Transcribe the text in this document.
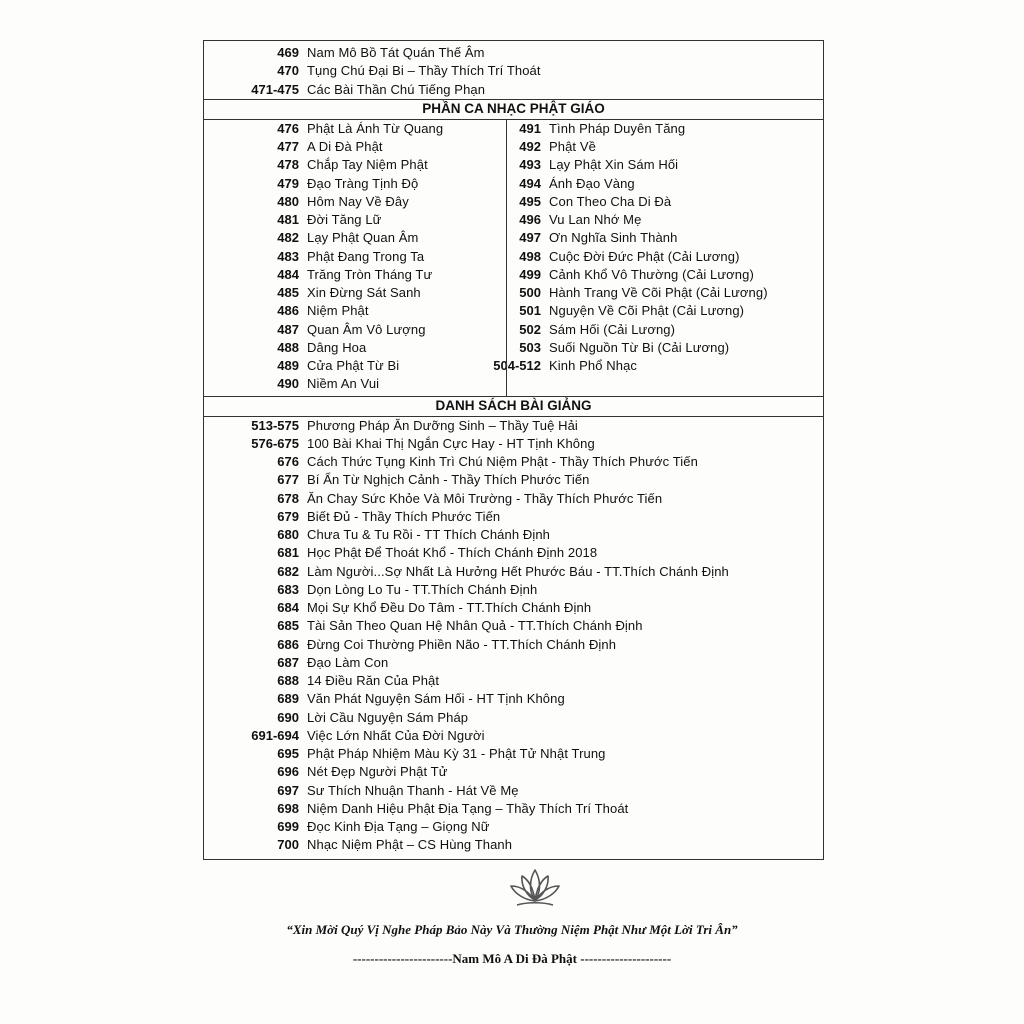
469 Nam Mô Bồ Tát Quán Thế Âm
470 Tụng Chú Đại Bi – Thầy Thích Trí Thoát
471-475 Các Bài Thần Chú Tiếng Phạn
PHẦN CA NHẠC PHẬT GIÁO
476 Phật Là Ánh Từ Quang
477 A Di Đà Phật
478 Chắp Tay Niệm Phật
479 Đạo Tràng Tịnh Độ
480 Hôm Nay Về Đây
481 Đời Tăng Lữ
482 Lạy Phật Quan Âm
483 Phật Đang Trong Ta
484 Trăng Tròn Tháng Tư
485 Xin Đừng Sát Sanh
486 Niệm Phật
487 Quan Âm Vô Lượng
488 Dâng Hoa
489 Cửa Phật Từ Bi
490 Niềm An Vui
491 Tình Pháp Duyên Tăng
492 Phật Về
493 Lạy Phật Xin Sám Hối
494 Ánh Đạo Vàng
495 Con Theo Cha Di Đà
496 Vu Lan Nhớ Mẹ
497 Ơn Nghĩa Sinh Thành
498 Cuộc Đời Đức Phật (Cải Lương)
499 Cảnh Khổ Vô Thường (Cải Lương)
500 Hành Trang Về Cõi Phật (Cải Lương)
501 Nguyện Về Cõi Phật (Cải Lương)
502 Sám Hối (Cải Lương)
503 Suối Nguồn Từ Bi (Cải Lương)
504-512 Kinh Phổ Nhạc
DANH SÁCH BÀI GIẢNG
513-575 Phương Pháp Ăn Dưỡng Sinh – Thầy Tuệ Hải
576-675 100 Bài Khai Thị Ngắn Cực Hay - HT Tịnh Không
676 Cách Thức Tụng Kinh Trì Chú Niệm Phật - Thầy Thích Phước Tiến
677 Bí Ẩn Từ Nghịch Cảnh - Thầy Thích Phước Tiến
678 Ăn Chay Sức Khỏe Và Môi Trường - Thầy Thích Phước Tiến
679 Biết Đủ - Thầy Thích Phước Tiến
680 Chưa Tu & Tu Rồi - TT Thích Chánh Định
681 Học Phật Để Thoát Khổ - Thích Chánh Định 2018
682 Làm Người...Sợ Nhất Là Hưởng Hết Phước Báu - TT.Thích Chánh Định
683 Dọn Lòng Lo Tu - TT.Thích Chánh Định
684 Mọi Sự Khổ Đều Do Tâm - TT.Thích Chánh Định
685 Tài Sản Theo Quan Hệ Nhân Quả - TT.Thích Chánh Định
686 Đừng Coi Thường Phiền Não - TT.Thích Chánh Định
687 Đạo Làm Con
688 14 Điều Răn Của Phật
689 Văn Phát Nguyện Sám Hối - HT Tịnh Không
690 Lời Cầu Nguyện Sám Pháp
691-694 Việc Lớn Nhất Của Đời Người
695 Phật Pháp Nhiệm Màu Kỳ 31 - Phật Tử Nhật Trung
696 Nét Đẹp Người Phật Tử
697 Sư Thích Nhuận Thanh - Hát Về Mẹ
698 Niệm Danh Hiệu Phật Địa Tạng – Thầy Thích Trí Thoát
699 Đọc Kinh Địa Tạng – Giọng Nữ
700 Nhạc Niệm Phật – CS Hùng Thanh
“Xin Mời Quý Vị Nghe Pháp Bảo Này Và Thường Niệm Phật Như Một Lời Tri Ân”
-----------------------Nam Mô A Di Đà Phật ---------------------
